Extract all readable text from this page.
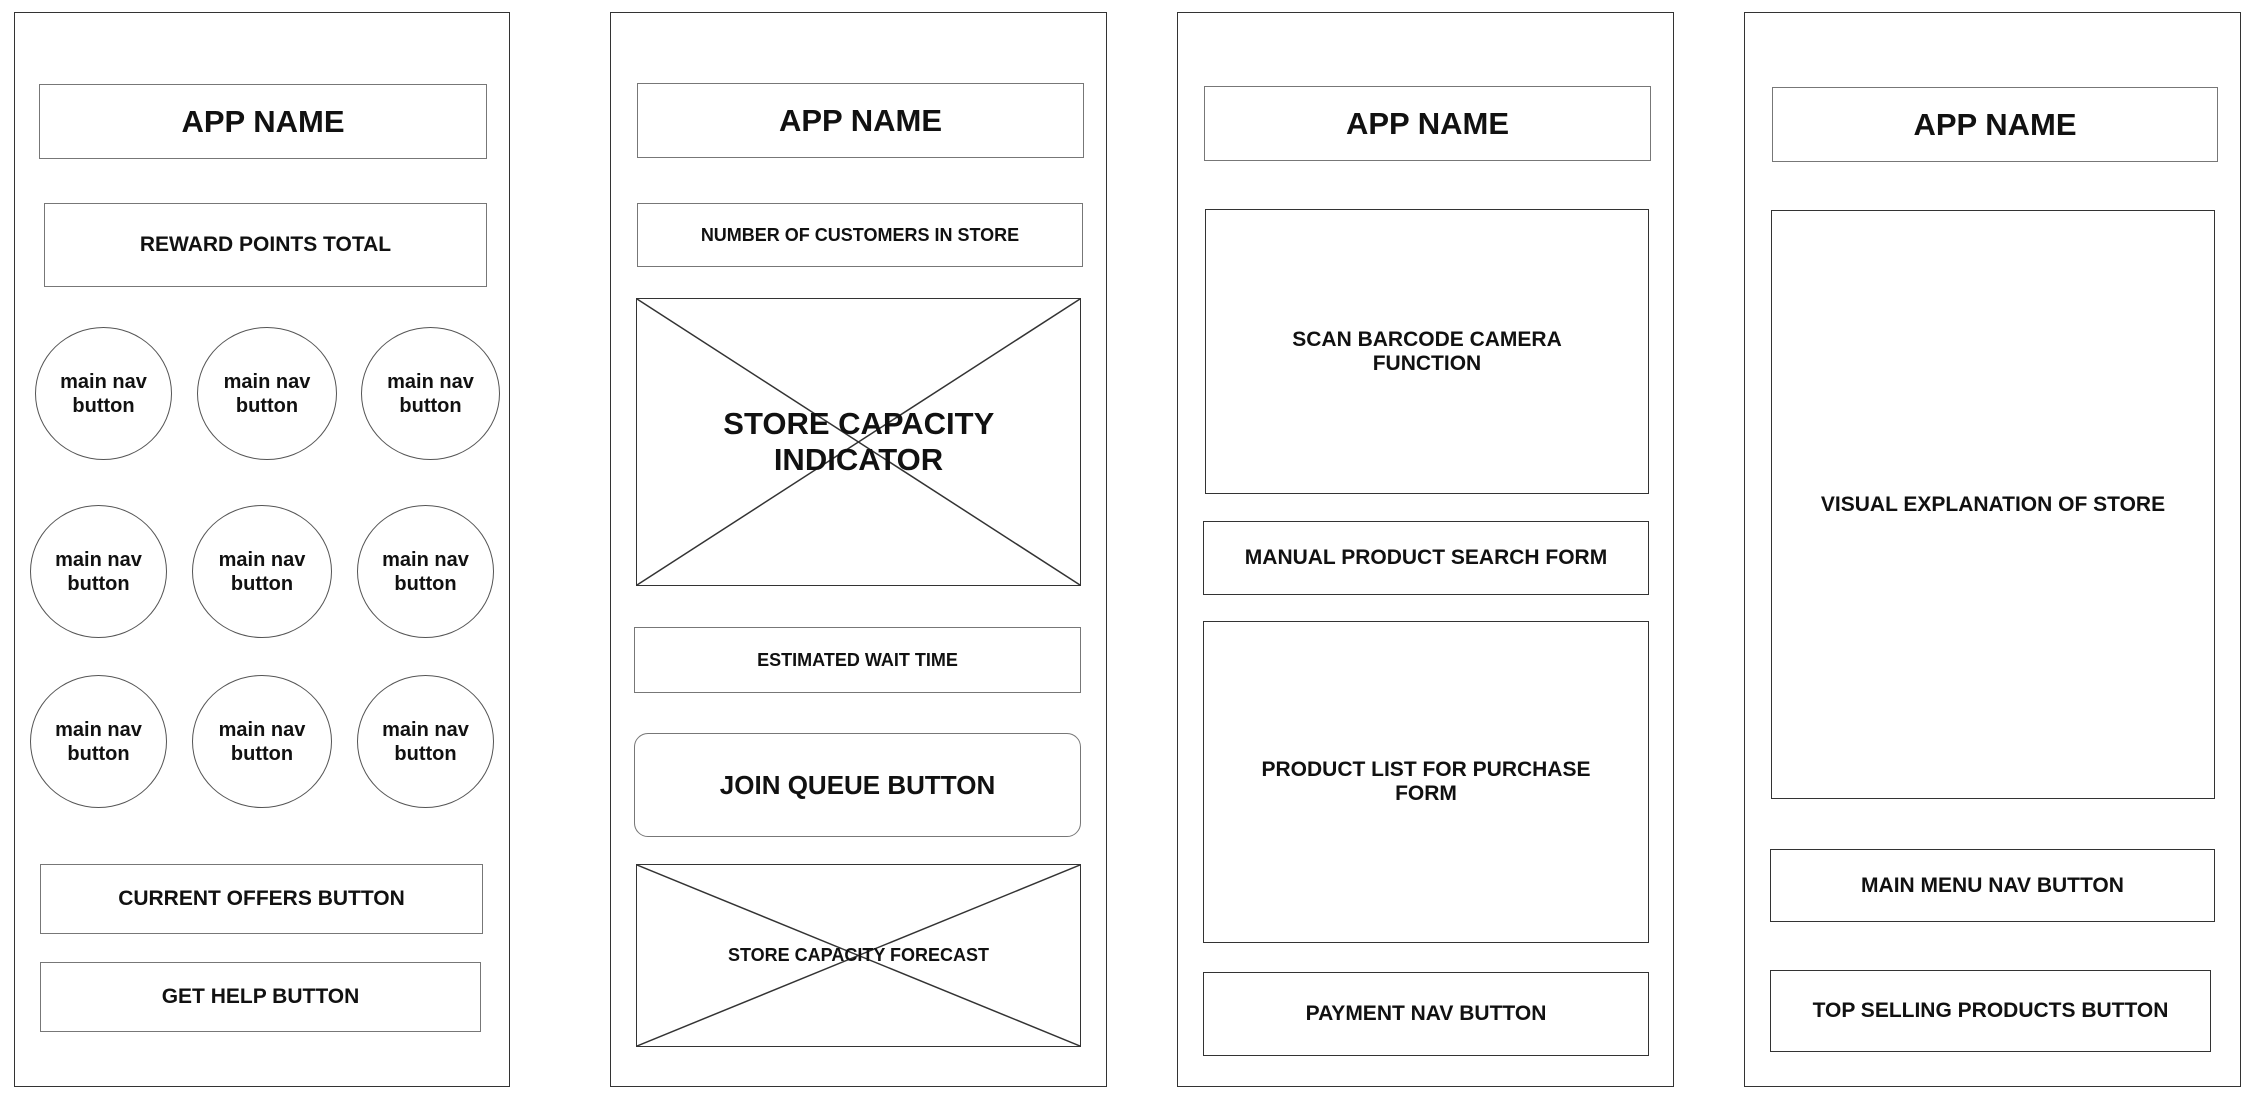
APP NAME
REWARD POINTS TOTAL
main nav
button
main nav
button
main nav
button
main nav
button
main nav
button
main nav
button
main nav
button
main nav
button
main nav
button
CURRENT OFFERS BUTTON
GET HELP BUTTON
APP NAME
NUMBER OF CUSTOMERS IN STORE
STORE CAPACITY INDICATOR
ESTIMATED WAIT TIME
JOIN QUEUE BUTTON
STORE CAPACITY FORECAST
APP NAME
SCAN BARCODE CAMERA
FUNCTION
MANUAL PRODUCT SEARCH FORM
PRODUCT LIST FOR PURCHASE
FORM
PAYMENT NAV BUTTON
APP NAME
VISUAL EXPLANATION OF STORE
MAIN MENU NAV BUTTON
TOP SELLING PRODUCTS BUTTON
